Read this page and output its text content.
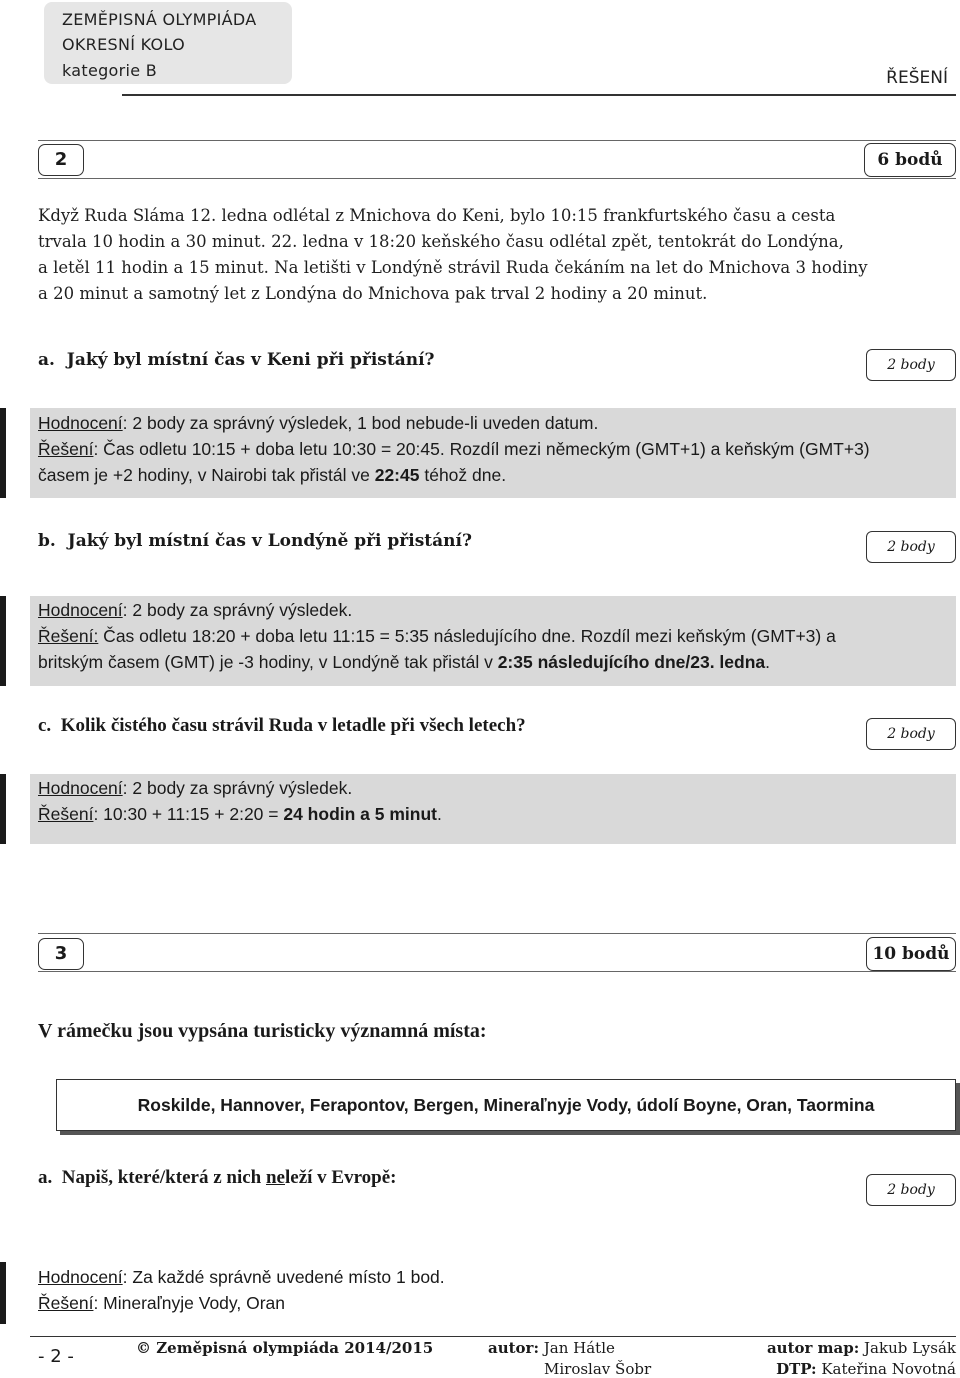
ZEMĚPISNÁ OLYMPIÁDA
OKRESNÍ KOLO
kategorie B	ŘEŠENÍ
2	6 bodů
Když Ruda Sláma 12. ledna odlétal z Mnichova do Keni, bylo 10:15 frankfurtského času a cesta
trvala 10 hodin a 30 minut. 22. ledna v 18:20 keňského času odlétal zpět, tentokrát do Londýna,
a letěl 11 hodin a 15 minut. Na letišti v Londýně strávil Ruda čekáním na let do Mnichova 3 hodiny
a 20 minut a samotný let z Londýna do Mnichova pak trval 2 hodiny a 20 minut.
a. Jaký byl místní čas v Keni při přistání?	2 body
Hodnocení: 2 body za správný výsledek, 1 bod nebude-li uveden datum.
Řešení: Čas odletu 10:15 + doba letu 10:30 = 20:45. Rozdíl mezi německým (GMT+1) a keňským (GMT+3)
časem je +2 hodiny, v Nairobi tak přistál ve 22:45 téhož dne.
b. Jaký byl místní čas v Londýně při přistání?	2 body
Hodnocení: 2 body za správný výsledek.
Řešení: Čas odletu 18:20 + doba letu 11:15 = 5:35 následujícího dne. Rozdíl mezi keňským (GMT+3) a
britským časem (GMT) je -3 hodiny, v Londýně tak přistál v 2:35 následujícího dne/23. ledna.
c. Kolik čistého času strávil Ruda v letadle při všech letech?	2 body
Hodnocení: 2 body za správný výsledek.
Řešení: 10:30 + 11:15 + 2:20 = 24 hodin a 5 minut.
3	10 bodů
V rámečku jsou vypsána turisticky významná místa:
Roskilde, Hannover, Ferapontov, Bergen, Mineraľnyje Vody, údolí Boyne, Oran, Taormina
a. Napiš, které/která z nich neleží v Evropě:
2 body
Hodnocení: Za každé správně uvedené místo 1 bod.
Řešení: Mineraľnyje Vody, Oran
- 2 -	© Zeměpisná olympiáda 2014/2015	autor: Jan Hátle
Miroslav Šobr
autor map: Jakub Lysák
DTP: Kateřina Novotná
